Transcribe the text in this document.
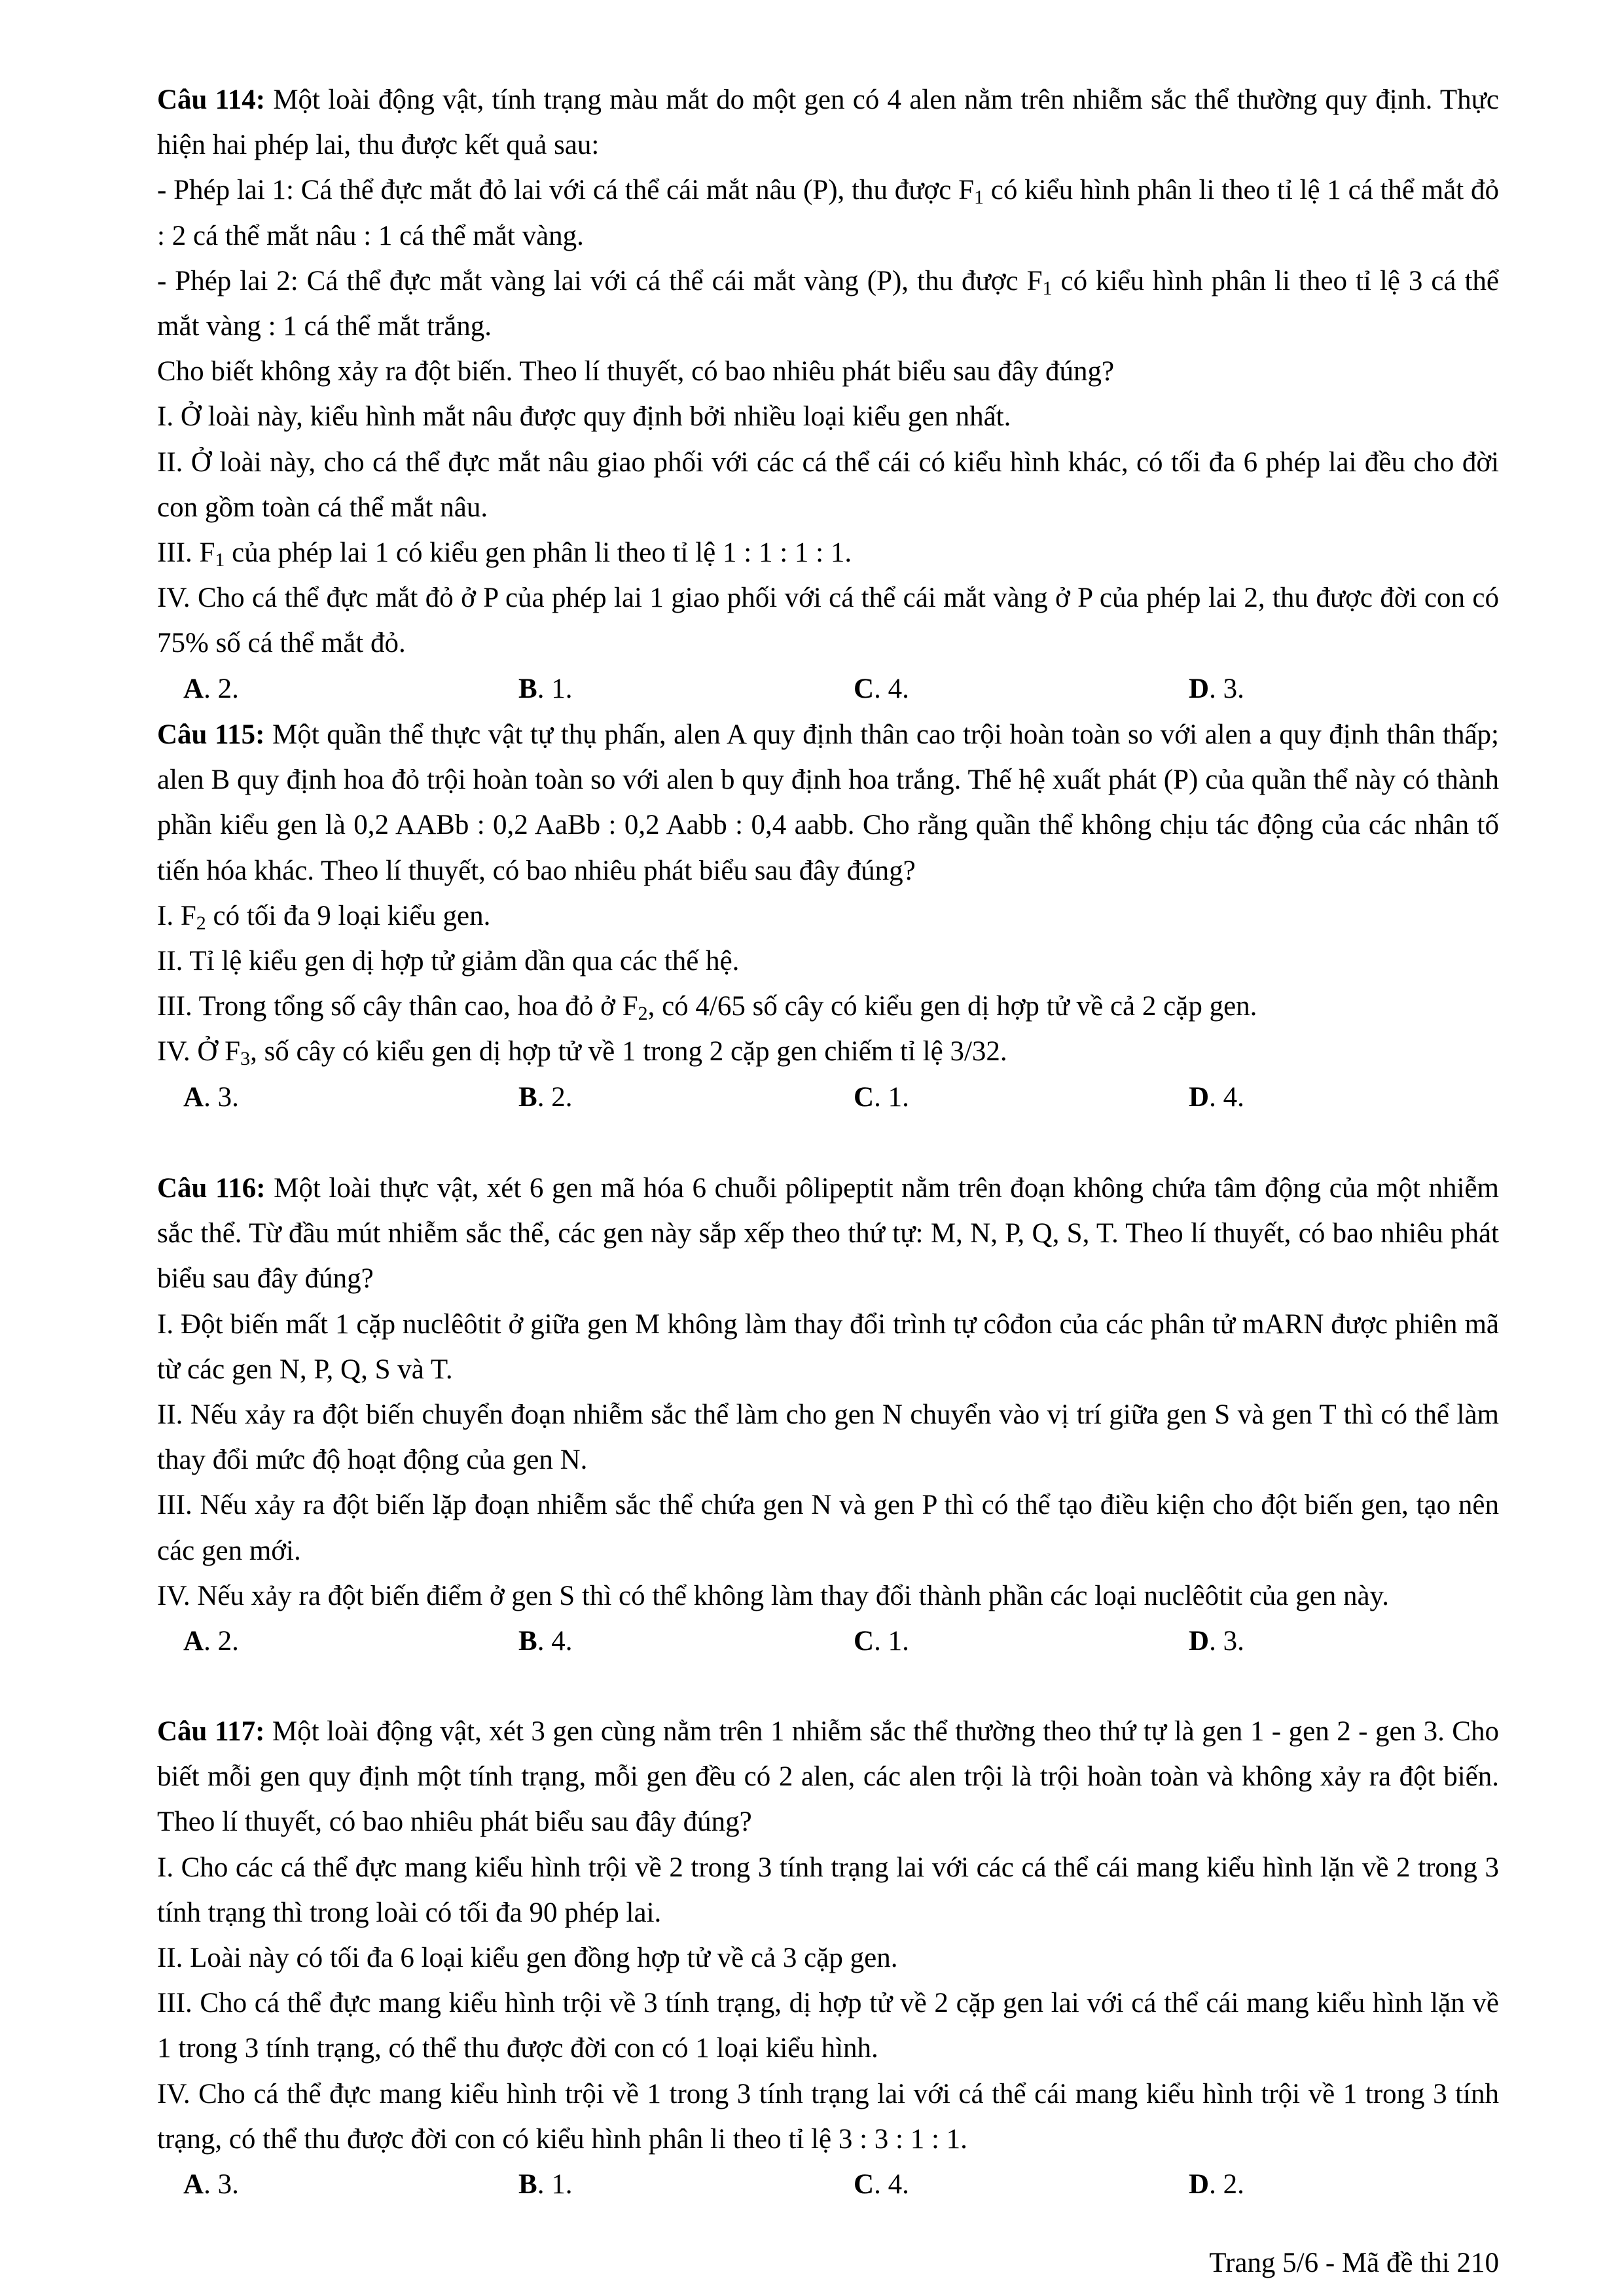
Câu 114: Một loài động vật, tính trạng màu mắt do một gen có 4 alen nằm trên nhiễm sắc thể thường quy định. Thực hiện hai phép lai, thu được kết quả sau:

- Phép lai 1: Cá thể đực mắt đỏ lai với cá thể cái mắt nâu (P), thu được $F_1$ có kiểu hình phân li theo tỉ lệ 1 cá thể mắt đỏ : 2 cá thể mắt nâu : 1 cá thể mắt vàng.

- Phép lai 2: Cá thể đực mắt vàng lai với cá thể cái mắt vàng (P), thu được $F_1$ có kiểu hình phân li theo tỉ lệ 3 cá thể mắt vàng : 1 cá thể mắt trắng.

Cho biết không xảy ra đột biến. Theo lí thuyết, có bao nhiêu phát biểu sau đây đúng?

I. Ở loài này, kiểu hình mắt nâu được quy định bởi nhiều loại kiểu gen nhất.

II. Ở loài này, cho cá thể đực mắt nâu giao phối với các cá thể cái có kiểu hình khác, có tối đa 6 phép lai đều cho đời con gồm toàn cá thể mắt nâu.

III. $F_1$ của phép lai 1 có kiểu gen phân li theo tỉ lệ 1 : 1 : 1 : 1.

IV. Cho cá thể đực mắt đỏ ở P của phép lai 1 giao phối với cá thể cái mắt vàng ở P của phép lai 2, thu được đời con có 75% số cá thể mắt đỏ.

A. 2.	B. 1.	C. 4.	D. 3.

Câu 115: Một quần thể thực vật tự thụ phấn, alen A quy định thân cao trội hoàn toàn so với alen a quy định thân thấp; alen B quy định hoa đỏ trội hoàn toàn so với alen b quy định hoa trắng. Thế hệ xuất phát (P) của quần thể này có thành phần kiểu gen là 0,2 AABb : 0,2 AaBb : 0,2 Aabb : 0,4 aabb. Cho rằng quần thể không chịu tác động của các nhân tố tiến hóa khác. Theo lí thuyết, có bao nhiêu phát biểu sau đây đúng?

I. $F_2$ có tối đa 9 loại kiểu gen.

II. Tỉ lệ kiểu gen dị hợp tử giảm dần qua các thế hệ.

III. Trong tổng số cây thân cao, hoa đỏ ở $F_2$, có 4/65 số cây có kiểu gen dị hợp tử về cả 2 cặp gen.

IV. Ở $F_3$, số cây có kiểu gen dị hợp tử về 1 trong 2 cặp gen chiếm tỉ lệ 3/32.

A. 3.	B. 2.	C. 1.	D. 4.

Câu 116: Một loài thực vật, xét 6 gen mã hóa 6 chuỗi pôlipeptit nằm trên đoạn không chứa tâm động của một nhiễm sắc thể. Từ đầu mút nhiễm sắc thể, các gen này sắp xếp theo thứ tự: M, N, P, Q, S, T. Theo lí thuyết, có bao nhiêu phát biểu sau đây đúng?

I. Đột biến mất 1 cặp nuclêôtit ở giữa gen M không làm thay đổi trình tự côđon của các phân tử mARN được phiên mã từ các gen N, P, Q, S và T.

II. Nếu xảy ra đột biến chuyển đoạn nhiễm sắc thể làm cho gen N chuyển vào vị trí giữa gen S và gen T thì có thể làm thay đổi mức độ hoạt động của gen N.

III. Nếu xảy ra đột biến lặp đoạn nhiễm sắc thể chứa gen N và gen P thì có thể tạo điều kiện cho đột biến gen, tạo nên các gen mới.

IV. Nếu xảy ra đột biến điểm ở gen S thì có thể không làm thay đổi thành phần các loại nuclêôtit của gen này.

A. 2.	B. 4.	C. 1.	D. 3.

Câu 117: Một loài động vật, xét 3 gen cùng nằm trên 1 nhiễm sắc thể thường theo thứ tự là gen 1 - gen 2 - gen 3. Cho biết mỗi gen quy định một tính trạng, mỗi gen đều có 2 alen, các alen trội là trội hoàn toàn và không xảy ra đột biến. Theo lí thuyết, có bao nhiêu phát biểu sau đây đúng?

I. Cho các cá thể đực mang kiểu hình trội về 2 trong 3 tính trạng lai với các cá thể cái mang kiểu hình lặn về 2 trong 3 tính trạng thì trong loài có tối đa 90 phép lai.

II. Loài này có tối đa 6 loại kiểu gen đồng hợp tử về cả 3 cặp gen.

III. Cho cá thể đực mang kiểu hình trội về 3 tính trạng, dị hợp tử về 2 cặp gen lai với cá thể cái mang kiểu hình lặn về 1 trong 3 tính trạng, có thể thu được đời con có 1 loại kiểu hình.

IV. Cho cá thể đực mang kiểu hình trội về 1 trong 3 tính trạng lai với cá thể cái mang kiểu hình trội về 1 trong 3 tính trạng, có thể thu được đời con có kiểu hình phân li theo tỉ lệ 3 : 3 : 1 : 1.

A. 3.	B. 1.	C. 4.	D. 2.
Trang 5/6 - Mã đề thi 210
